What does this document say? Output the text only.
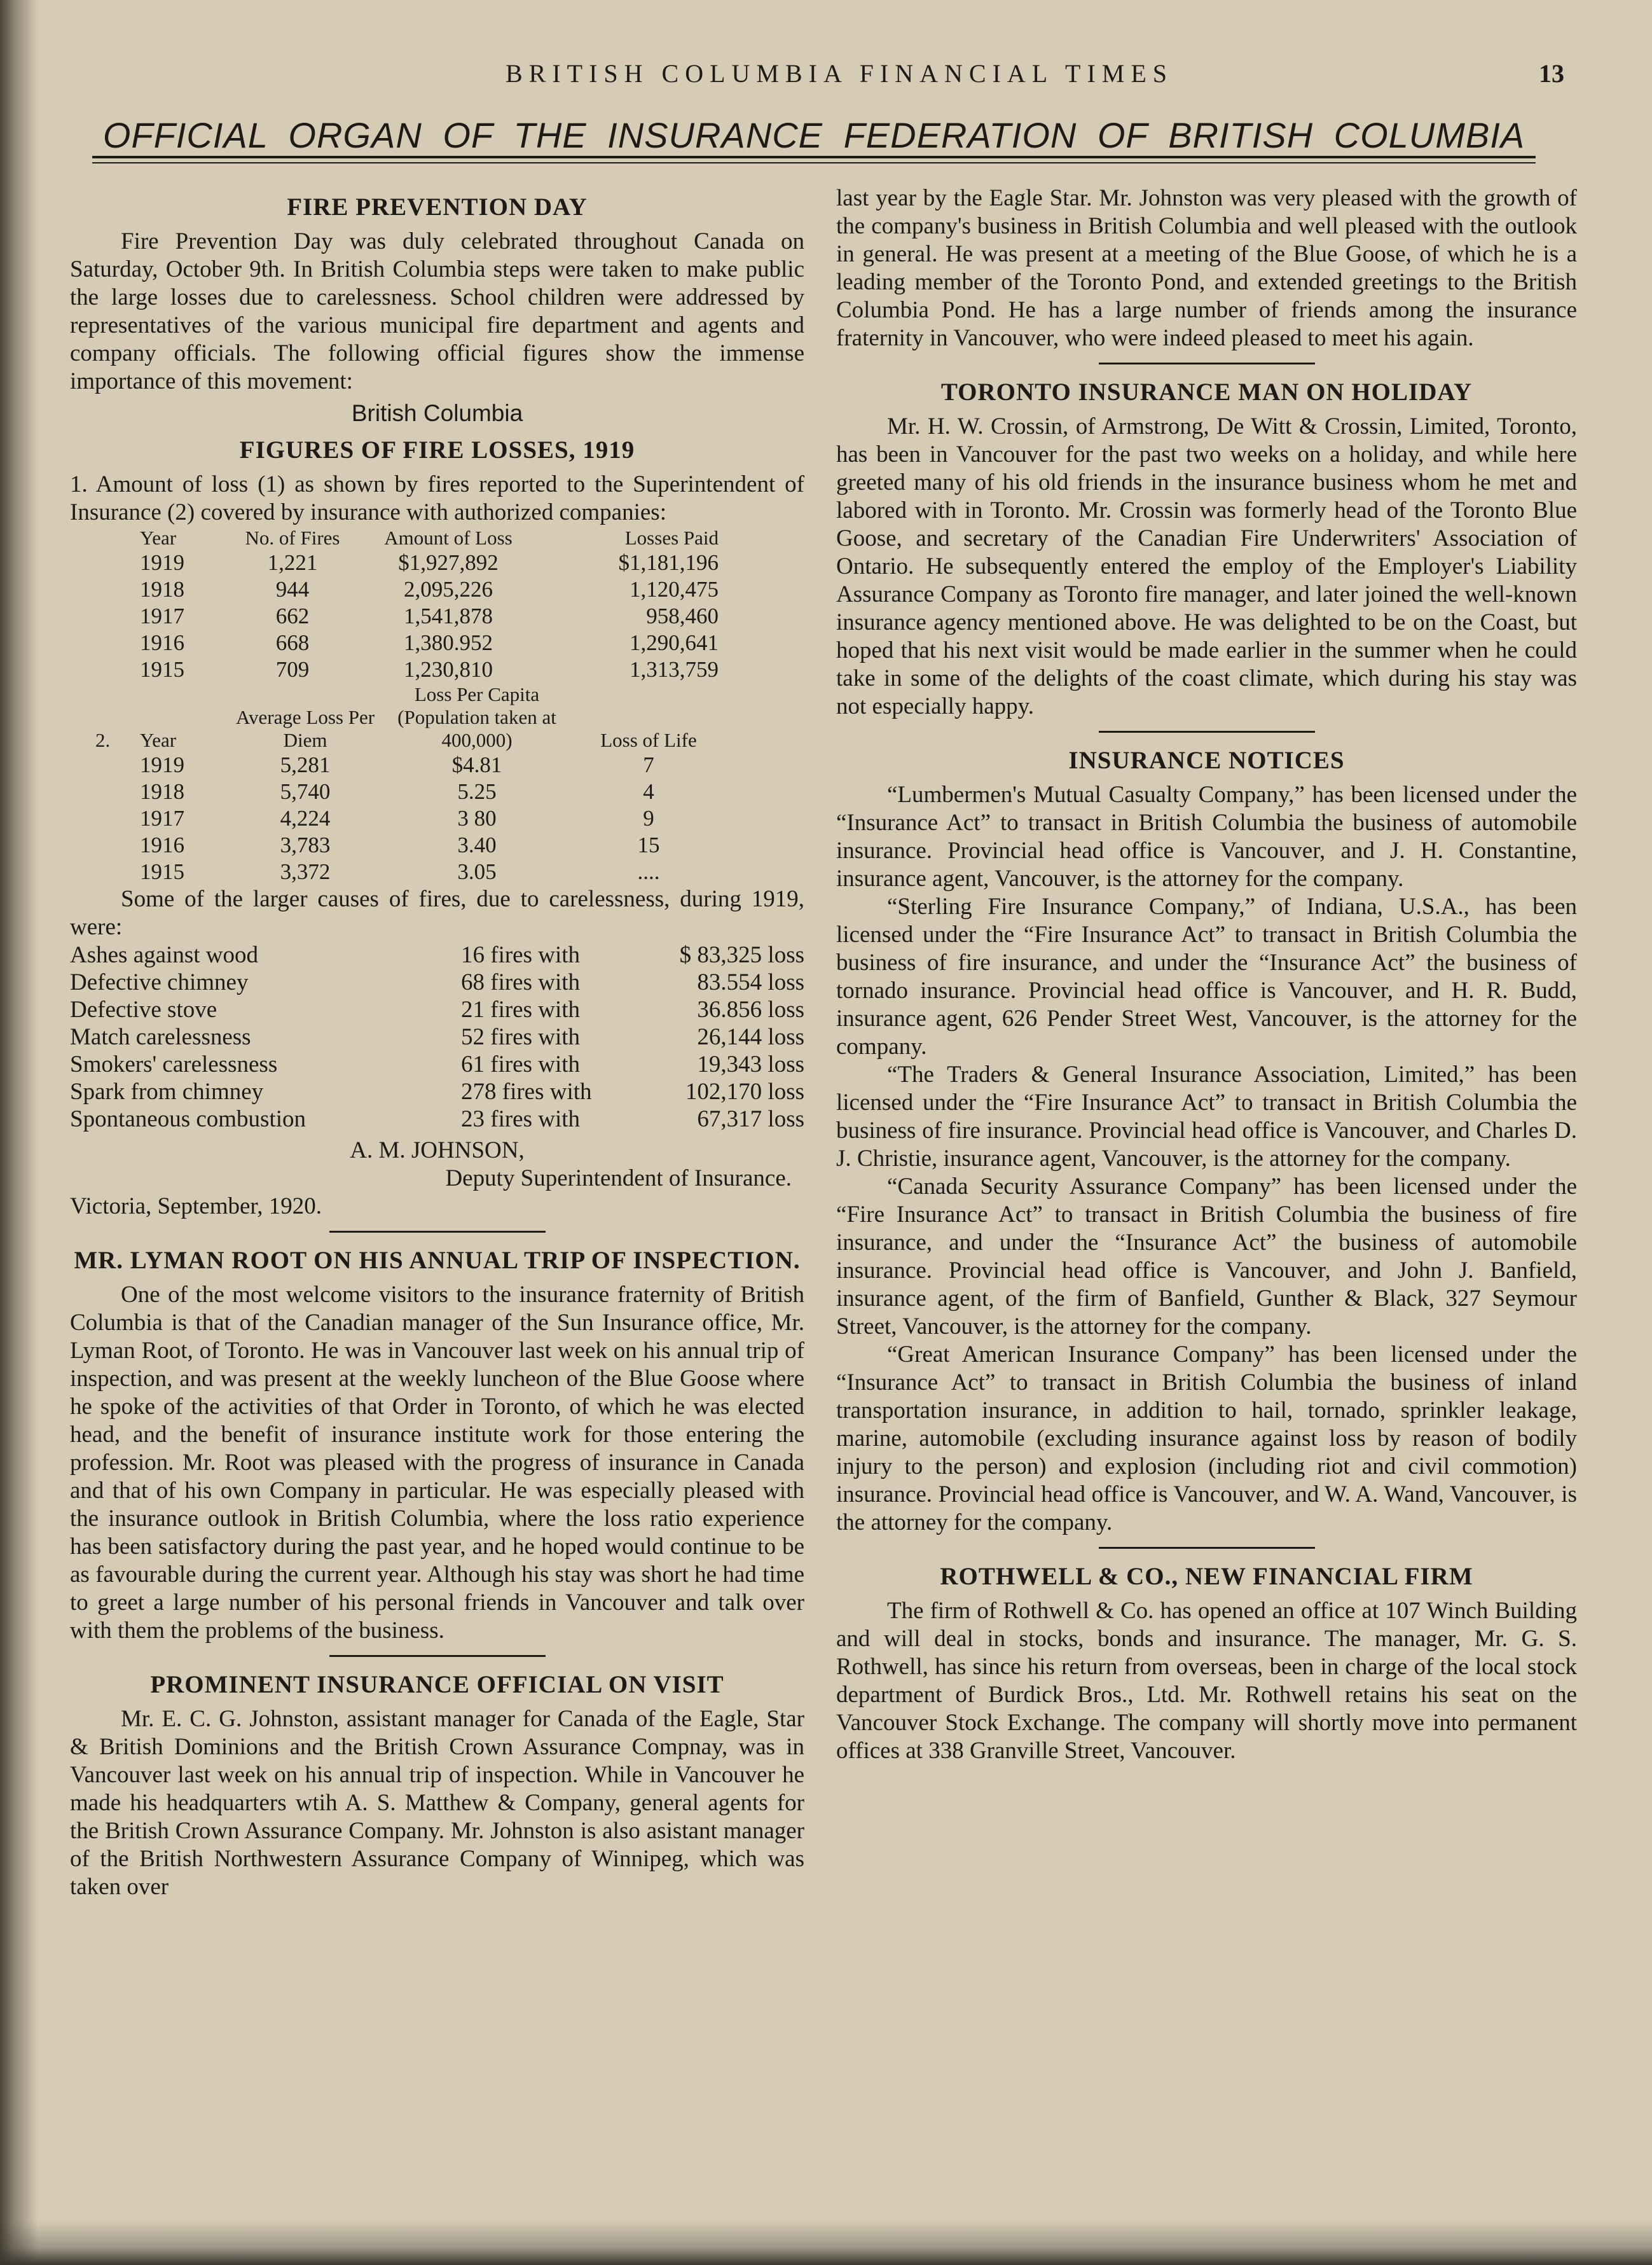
BRITISH COLUMBIA FINANCIAL TIMES	13
OFFICIAL ORGAN OF THE INSURANCE FEDERATION OF BRITISH COLUMBIA
FIRE PREVENTION DAY

Fire Prevention Day was duly celebrated throughout Canada on Saturday, October 9th. In British Columbia steps were taken to make public the large losses due to carelessness. School children were addressed by representatives of the various municipal fire department and agents and company officials. The following official figures show the immense importance of this movement:

British Columbia
FIGURES OF FIRE LOSSES, 1919

1. Amount of loss (1) as shown by fires reported to the Superintendent of Insurance (2) covered by insurance with authorized companies:

Year	No. of Fires	Amount of Loss	Losses Paid
1919	1,221	$1,927,892	$1,181,196
1918	944	2,095,226	1,120,475
1917	662	1,541,878	958,460
1916	668	1,380.952	1,290,641
1915	709	1,230,810	1,313,759
2.	Year	Average Loss Per Diem	Loss Per Capita (Population taken at 400,000)	Loss of Life
	1919	5,281	$4.81	7
	1918	5,740	5.25	4
	1917	4,224	3 80	9
	1916	3,783	3.40	15
	1915	3,372	3.05	....

Some of the larger causes of fires, due to carelessness, during 1919, were:

Ashes against wood	16 fires with	$ 83,325 loss
Defective chimney	68 fires with	83.554 loss
Defective stove	21 fires with	36.856 loss
Match carelessness	52 fires with	26,144 loss
Smokers' carelessness	61 fires with	19,343 loss
Spark from chimney	278 fires with	102,170 loss
Spontaneous combustion	23 fires with	67,317 loss
A. M. JOHNSON,
Deputy Superintendent of Insurance.
Victoria, September, 1920.
MR. LYMAN ROOT ON HIS ANNUAL TRIP OF INSPECTION.

One of the most welcome visitors to the insurance fraternity of British Columbia is that of the Canadian manager of the Sun Insurance office, Mr. Lyman Root, of Toronto. He was in Vancouver last week on his annual trip of inspection, and was present at the weekly luncheon of the Blue Goose where he spoke of the activities of that Order in Toronto, of which he was elected head, and the benefit of insurance institute work for those entering the profession. Mr. Root was pleased with the progress of insurance in Canada and that of his own Company in particular. He was especially pleased with the insurance outlook in British Columbia, where the loss ratio experience has been satisfactory during the past year, and he hoped would continue to be as favourable during the current year. Although his stay was short he had time to greet a large number of his personal friends in Vancouver and talk over with them the problems of the business.

PROMINENT INSURANCE OFFICIAL ON VISIT

Mr. E. C. G. Johnston, assistant manager for Canada of the Eagle, Star & British Dominions and the British Crown Assurance Compnay, was in Vancouver last week on his annual trip of inspection. While in Vancouver he made his headquarters wtih A. S. Matthew & Company, general agents for the British Crown Assurance Company. Mr. Johnston is also asistant manager of the British Northwestern Assurance Company of Winnipeg, which was taken over

last year by the Eagle Star. Mr. Johnston was very pleased with the growth of the company's business in British Columbia and well pleased with the outlook in general. He was present at a meeting of the Blue Goose, of which he is a leading member of the Toronto Pond, and extended greetings to the British Columbia Pond. He has a large number of friends among the insurance fraternity in Vancouver, who were indeed pleased to meet his again.

TORONTO INSURANCE MAN ON HOLIDAY

Mr. H. W. Crossin, of Armstrong, De Witt & Crossin, Limited, Toronto, has been in Vancouver for the past two weeks on a holiday, and while here greeted many of his old friends in the insurance business whom he met and labored with in Toronto. Mr. Crossin was formerly head of the Toronto Blue Goose, and secretary of the Canadian Fire Underwriters' Association of Ontario. He subsequently entered the employ of the Employer's Liability Assurance Company as Toronto fire manager, and later joined the well-known insurance agency mentioned above. He was delighted to be on the Coast, but hoped that his next visit would be made earlier in the summer when he could take in some of the delights of the coast climate, which during his stay was not especially happy.

INSURANCE NOTICES

“Lumbermen's Mutual Casualty Company,” has been licensed under the “Insurance Act” to transact in British Columbia the business of automobile insurance. Provincial head office is Vancouver, and J. H. Constantine, insurance agent, Vancouver, is the attorney for the company.

“Sterling Fire Insurance Company,” of Indiana, U.S.A., has been licensed under the “Fire Insurance Act” to transact in British Columbia the business of fire insurance, and under the “Insurance Act” the business of tornado insurance. Provincial head office is Vancouver, and H. R. Budd, insurance agent, 626 Pender Street West, Vancouver, is the attorney for the company.

“The Traders & General Insurance Association, Limited,” has been licensed under the “Fire Insurance Act” to transact in British Columbia the business of fire insurance. Provincial head office is Vancouver, and Charles D. J. Christie, insurance agent, Vancouver, is the attorney for the company.

“Canada Security Assurance Company” has been licensed under the “Fire Insurance Act” to transact in British Columbia the business of fire insurance, and under the “Insurance Act” the business of automobile insurance. Provincial head office is Vancouver, and John J. Banfield, insurance agent, of the firm of Banfield, Gunther & Black, 327 Seymour Street, Vancouver, is the attorney for the company.

“Great American Insurance Company” has been licensed under the “Insurance Act” to transact in British Columbia the business of inland transportation insurance, in addition to hail, tornado, sprinkler leakage, marine, automobile (excluding insurance against loss by reason of bodily injury to the person) and explosion (including riot and civil commotion) insurance. Provincial head office is Vancouver, and W. A. Wand, Vancouver, is the attorney for the company.

ROTHWELL & CO., NEW FINANCIAL FIRM

The firm of Rothwell & Co. has opened an office at 107 Winch Building and will deal in stocks, bonds and insurance. The manager, Mr. G. S. Rothwell, has since his return from overseas, been in charge of the local stock department of Burdick Bros., Ltd. Mr. Rothwell retains his seat on the Vancouver Stock Exchange. The company will shortly move into permanent offices at 338 Granville Street, Vancouver.
